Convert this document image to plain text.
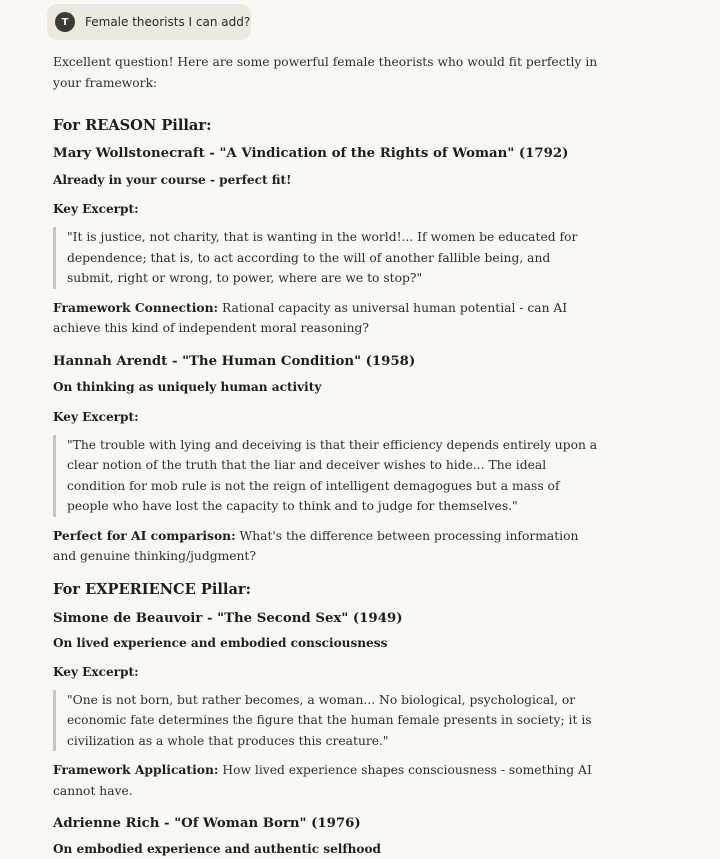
T	Female theorists I can add?

Excellent question! Here are some powerful female theorists who would fit perfectly in your framework:

For REASON Pillar:
Mary Wollstonecraft - "A Vindication of the Rights of Woman" (1792)

Already in your course - perfect fit!

Key Excerpt:

"It is justice, not charity, that is wanting in the world!... If women be educated for dependence; that is, to act according to the will of another fallible being, and submit, right or wrong, to power, where are we to stop?"

Framework Connection: Rational capacity as universal human potential - can AI achieve this kind of independent moral reasoning?

Hannah Arendt - "The Human Condition" (1958)

On thinking as uniquely human activity

Key Excerpt:

"The trouble with lying and deceiving is that their efficiency depends entirely upon a clear notion of the truth that the liar and deceiver wishes to hide... The ideal condition for mob rule is not the reign of intelligent demagogues but a mass of people who have lost the capacity to think and to judge for themselves."

Perfect for AI comparison: What's the difference between processing information and genuine thinking/judgment?

For EXPERIENCE Pillar:
Simone de Beauvoir - "The Second Sex" (1949)

On lived experience and embodied consciousness

Key Excerpt:

"One is not born, but rather becomes, a woman... No biological, psychological, or economic fate determines the figure that the human female presents in society; it is civilization as a whole that produces this creature."

Framework Application: How lived experience shapes consciousness - something AI cannot have.

Adrienne Rich - "Of Woman Born" (1976)

On embodied experience and authentic selfhood
